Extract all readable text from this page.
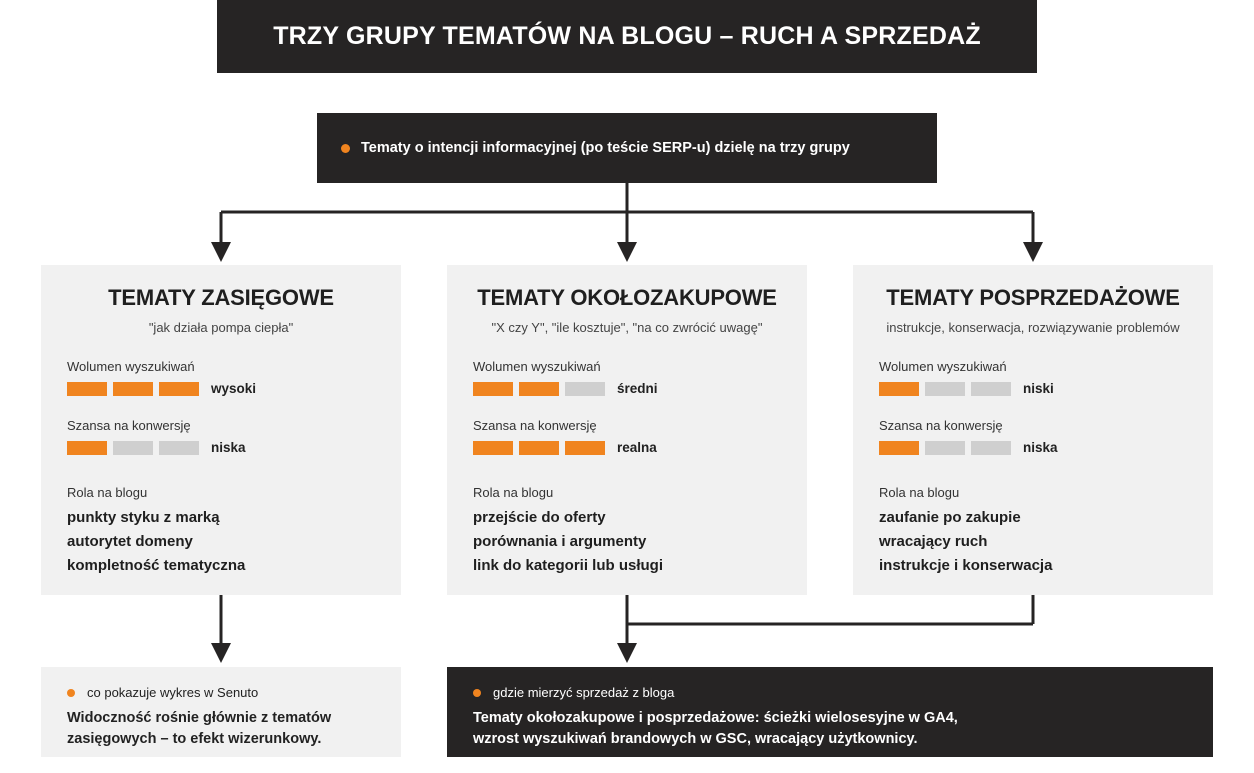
TRZY GRUPY TEMATÓW NA BLOGU – RUCH A SPRZEDAŻ
Tematy o intencji informacyjnej (po teście SERP-u) dzielę na trzy grupy
TEMATY ZASIĘGOWE
"jak działa pompa ciepła"
Wolumen wyszukiwań
wysoki
Szansa na konwersję
niska
Rola na blogu
punkty styku z marką
autorytet domeny
kompletność tematyczna
TEMATY OKOŁOZAKUPOWE
"X czy Y", "ile kosztuje", "na co zwrócić uwagę"
Wolumen wyszukiwań
średni
Szansa na konwersję
realna
Rola na blogu
przejście do oferty
porównania i argumenty
link do kategorii lub usługi
TEMATY POSPRZEDAŻOWE
instrukcje, konserwacja, rozwiązywanie problemów
Wolumen wyszukiwań
niski
Szansa na konwersję
niska
Rola na blogu
zaufanie po zakupie
wracający ruch
instrukcje i konserwacja
co pokazuje wykres w Senuto
Widoczność rośnie głównie z tematów
zasięgowych – to efekt wizerunkowy.
gdzie mierzyć sprzedaż z bloga
Tematy okołozakupowe i posprzedażowe: ścieżki wielosesyjne w GA4,
wzrost wyszukiwań brandowych w GSC, wracający użytkownicy.
